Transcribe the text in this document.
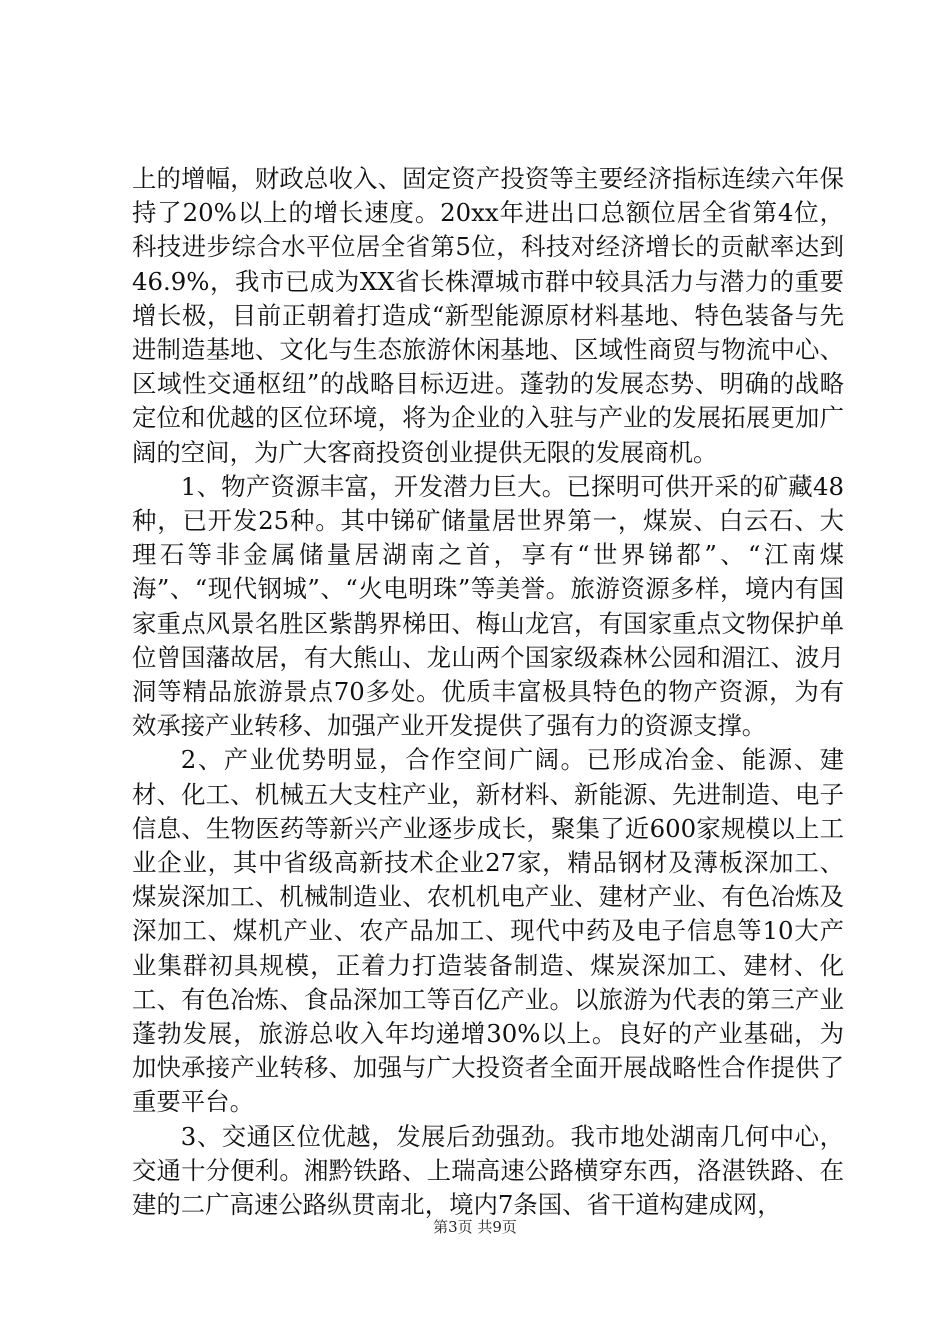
上的增幅，财政总收入、固定资产投资等主要经济指标连续六年保持了20%以上的增长速度。20xx年进出口总额位居全省第4位，科技进步综合水平位居全省第5位，科技对经济增长的贡献率达到46.9%，我市已成为XX省长株潭城市群中较具活力与潜力的重要增长极，目前正朝着打造成“新型能源原材料基地、特色装备与先进制造基地、文化与生态旅游休闲基地、区域性商贸与物流中心、区域性交通枢纽”的战略目标迈进。蓬勃的发展态势、明确的战略定位和优越的区位环境，将为企业的入驻与产业的发展拓展更加广阔的空间，为广大客商投资创业提供无限的发展商机。

1、物产资源丰富，开发潜力巨大。已探明可供开采的矿藏48种，已开发25种。其中锑矿储量居世界第一，煤炭、白云石、大理石等非金属储量居湖南之首，享有“世界锑都”、“江南煤海”、“现代钢城”、“火电明珠”等美誉。旅游资源多样，境内有国家重点风景名胜区紫鹊界梯田、梅山龙宫，有国家重点文物保护单位曾国藩故居，有大熊山、龙山两个国家级森林公园和湄江、波月洞等精品旅游景点70多处。优质丰富极具特色的物产资源，为有效承接产业转移、加强产业开发提供了强有力的资源支撑。

2、产业优势明显，合作空间广阔。已形成冶金、能源、建材、化工、机械五大支柱产业，新材料、新能源、先进制造、电子信息、生物医药等新兴产业逐步成长，聚集了近600家规模以上工业企业，其中省级高新技术企业27家，精品钢材及薄板深加工、煤炭深加工、机械制造业、农机机电产业、建材产业、有色冶炼及深加工、煤机产业、农产品加工、现代中药及电子信息等10大产业集群初具规模，正着力打造装备制造、煤炭深加工、建材、化工、有色冶炼、食品深加工等百亿产业。以旅游为代表的第三产业蓬勃发展，旅游总收入年均递增30%以上。良好的产业基础，为加快承接产业转移、加强与广大投资者全面开展战略性合作提供了重要平台。

3、交通区位优越，发展后劲强劲。我市地处湖南几何中心，交通十分便利。湘黔铁路、上瑞高速公路横穿东西，洛湛铁路、在建的二广高速公路纵贯南北，境内7条国、省干道构建成网，

第3页 共9页
